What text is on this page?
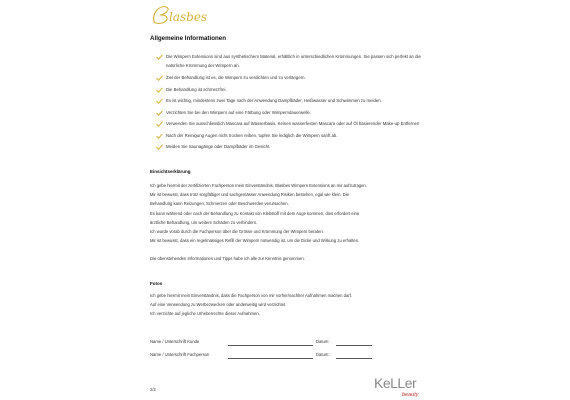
lasbes
Allgemeine Informationen
Die Wimpern Extensions sind aus synthetischem Material, erhältlich in unterschiedlichen Krümmungen. Sie passen sich perfekt an die natürliche Krümmung der Wimpern an.
Ziel der Behandlung ist es, die Wimpern zu verdichten und zu verlängern.
Die Behandlung ist schmerzfrei.
Es ist wichtig, mindestens zwei Tage nach der Anwendung Dampfbäder, Heißwasser und Schwimmen zu meiden.
Verzichten Sie bei den Wimpern auf eine Färbung oder Wimperndauerwelle.
Verwenden Sie ausschliesslich Mascara auf Wasserbasis. Keinen wasserfesten Mascara oder auf Öl basierender Make-up Entferner!
Nach der Reinigung Augen nicht trocken reiben, tupfen Sie lediglich die Wimpern sanft ab.
Meiden Sie Saunagänge oder Dampfbäder im Gesicht.
Einsichtserklärung
Ich gebe hiermit der zertifizierten Fachperson mein Einverständnis, Blasbes Wimpern Extensions an mir aufzutragen.
Mir ist bewusst, dass trotz sorgfältiger und sachgemässer Anwendung Risiken bestehen, egal wie klein. Die
Behandlung kann Reizungen, Schmerzen oder Beschwerden verursachen.
Es kann während oder nach der Behandlung zu Kontakt von Klebstoff mit dem Auge kommen, dies erfordert eine
ärztliche Behandlung, um weitere Schäden zu verhindern.
Ich wurde vorab durch die Fachperson über die Grösse und Krümmung der Wimpern beraten.
Mir ist bewusst, dass ein regelmässiges Refill der Wimpern notwendig ist, um die Dicke und Wirkung zu erhalten.
Die obenstehenden Informationen und Tipps habe ich alle zur Kenntnis genommen.
Fotos
Ich gebe hiermit mein Einverständnis, dass die Fachperson von mir vorher/nachher Aufnahmen machen darf.
Auf eine Verwendung zu Werbezwecken oder anderweitig wird verzichtet.
Ich verzichte auf jegliche Urheberrechte dieser Aufnahmen.
Name / Unterschrift Kunde	Datum:
Name / Unterschrift Fachperson	Datum:
2/2	KeLLer
beauty
